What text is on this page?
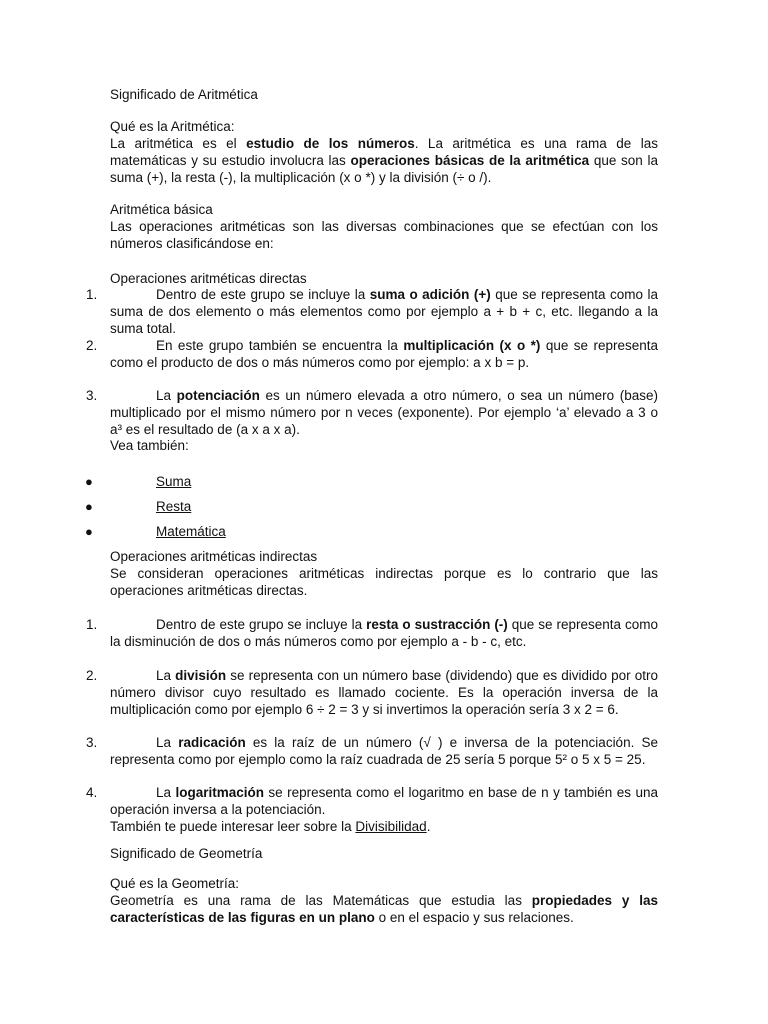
Significado de Aritmética

Qué es la Aritmética:

La aritmética es el estudio de los números. La aritmética es una rama de las matemáticas y su estudio involucra las operaciones básicas de la aritmética que son la suma (+), la resta (-), la multiplicación (x o *) y la división (÷ o /).

Aritmética básica

Las operaciones aritméticas son las diversas combinaciones que se efectúan con los números clasificándose en:

Operaciones aritméticas directas

1.	Dentro de este grupo se incluye la suma o adición (+) que se representa como la suma de dos elemento o más elementos como por ejemplo a + b + c, etc. llegando a la suma total.

2.	En este grupo también se encuentra la multiplicación (x o *) que se representa como el producto de dos o más números como por ejemplo: a x b = p.

3.	La potenciación es un número elevada a otro número, o sea un número (base) multiplicado por el mismo número por n veces (exponente). Por ejemplo ‘a’ elevado a 3 o a³ es el resultado de (a x a x a).

Vea también:

●	Suma
●	Resta
●	Matemática

Operaciones aritméticas indirectas

Se consideran operaciones aritméticas indirectas porque es lo contrario que las operaciones aritméticas directas.

1.	Dentro de este grupo se incluye la resta o sustracción (-) que se representa como la disminución de dos o más números como por ejemplo a - b - c, etc.

2.	La división se representa con un número base (dividendo) que es dividido por otro número divisor cuyo resultado es llamado cociente. Es la operación inversa de la multiplicación como por ejemplo 6 ÷ 2 = 3 y si invertimos la operación sería 3 x 2 = 6.

3.	La radicación es la raíz de un número (√ ) e inversa de la potenciación. Se representa como por ejemplo como la raíz cuadrada de 25 sería 5 porque 5² o 5 x 5 = 25.

4.	La logaritmación se representa como el logaritmo en base de n y también es una operación inversa a la potenciación.

También te puede interesar leer sobre la Divisibilidad.

Significado de Geometría

Qué es la Geometría:

Geometría es una rama de las Matemáticas que estudia las propiedades y las características de las figuras en un plano o en el espacio y sus relaciones.
